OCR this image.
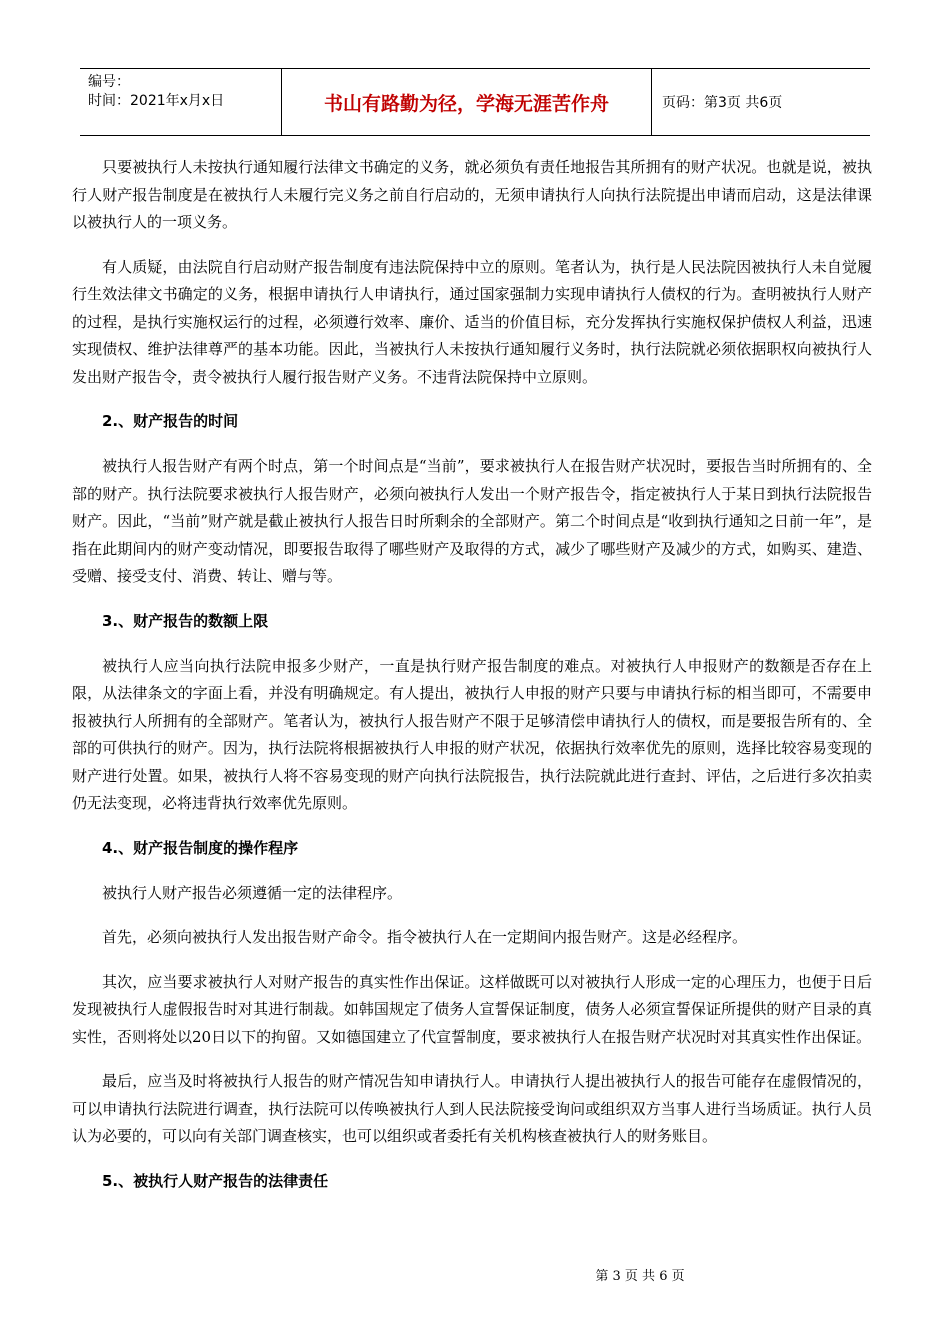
编号：
时间：2021年x月x日	书山有路勤为径，学海无涯苦作舟	页码：第3页 共6页

只要被执行人未按执行通知履行法律文书确定的义务，就必须负有责任地报告其所拥有的财产状况。也就是说，被执行人财产报告制度是在被执行人未履行完义务之前自行启动的，无须申请执行人向执行法院提出申请而启动，这是法律课以被执行人的一项义务。

有人质疑，由法院自行启动财产报告制度有违法院保持中立的原则。笔者认为，执行是人民法院因被执行人未自觉履行生效法律文书确定的义务，根据申请执行人申请执行，通过国家强制力实现申请执行人债权的行为。查明被执行人财产的过程，是执行实施权运行的过程，必须遵行效率、廉价、适当的价值目标，充分发挥执行实施权保护债权人利益，迅速实现债权、维护法律尊严的基本功能。因此，当被执行人未按执行通知履行义务时，执行法院就必须依据职权向被执行人发出财产报告令，责令被执行人履行报告财产义务。不违背法院保持中立原则。

2.、财产报告的时间

被执行人报告财产有两个时点，第一个时间点是“当前”，要求被执行人在报告财产状况时，要报告当时所拥有的、全部的财产。执行法院要求被执行人报告财产，必须向被执行人发出一个财产报告令，指定被执行人于某日到执行法院报告财产。因此，“当前”财产就是截止被执行人报告日时所剩余的全部财产。第二个时间点是“收到执行通知之日前一年”，是指在此期间内的财产变动情况，即要报告取得了哪些财产及取得的方式，减少了哪些财产及减少的方式，如购买、建造、受赠、接受支付、消费、转让、赠与等。

3.、财产报告的数额上限

被执行人应当向执行法院申报多少财产，一直是执行财产报告制度的难点。对被执行人申报财产的数额是否存在上限，从法律条文的字面上看，并没有明确规定。有人提出，被执行人申报的财产只要与申请执行标的相当即可，不需要申报被执行人所拥有的全部财产。笔者认为，被执行人报告财产不限于足够清偿申请执行人的债权，而是要报告所有的、全部的可供执行的财产。因为，执行法院将根据被执行人申报的财产状况，依据执行效率优先的原则，选择比较容易变现的财产进行处置。如果，被执行人将不容易变现的财产向执行法院报告，执行法院就此进行查封、评估，之后进行多次拍卖仍无法变现，必将违背执行效率优先原则。

4.、财产报告制度的操作程序

被执行人财产报告必须遵循一定的法律程序。

首先，必须向被执行人发出报告财产命令。指令被执行人在一定期间内报告财产。这是必经程序。

其次，应当要求被执行人对财产报告的真实性作出保证。这样做既可以对被执行人形成一定的心理压力，也便于日后发现被执行人虚假报告时对其进行制裁。如韩国规定了债务人宣誓保证制度，债务人必须宣誓保证所提供的财产目录的真实性，否则将处以20日以下的拘留。又如德国建立了代宣誓制度，要求被执行人在报告财产状况时对其真实性作出保证。

最后，应当及时将被执行人报告的财产情况告知申请执行人。申请执行人提出被执行人的报告可能存在虚假情况的，可以申请执行法院进行调查，执行法院可以传唤被执行人到人民法院接受询问或组织双方当事人进行当场质证。执行人员认为必要的，可以向有关部门调查核实，也可以组织或者委托有关机构核查被执行人的财务账目。

5.、被执行人财产报告的法律责任
第 3 页 共 6 页
